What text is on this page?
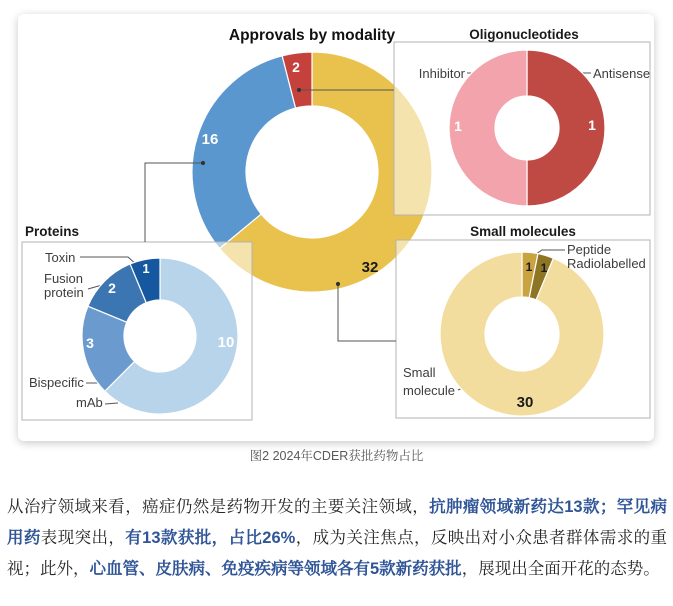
32
16
2
1
1
10
3
2
1	1 1
30
Approvals by modality	Oligonucleotides
Proteins	Small molecules
Inhibitor	Antisense
Toxin
Fusion protein
Bispecific
mAb
Peptide
Radiolabelled
Small molecule
图2 2024年CDER获批药物占比

从治疗领域来看，癌症仍然是药物开发的主要关注领域，抗肿瘤领域新药达13款；罕见病用药表现突出，有13款获批，占比26%，成为关注焦点，反映出对小众患者群体需求的重视；此外，心血管、皮肤病、免疫疾病等领域各有5款新药获批，展现出全面开花的态势。
